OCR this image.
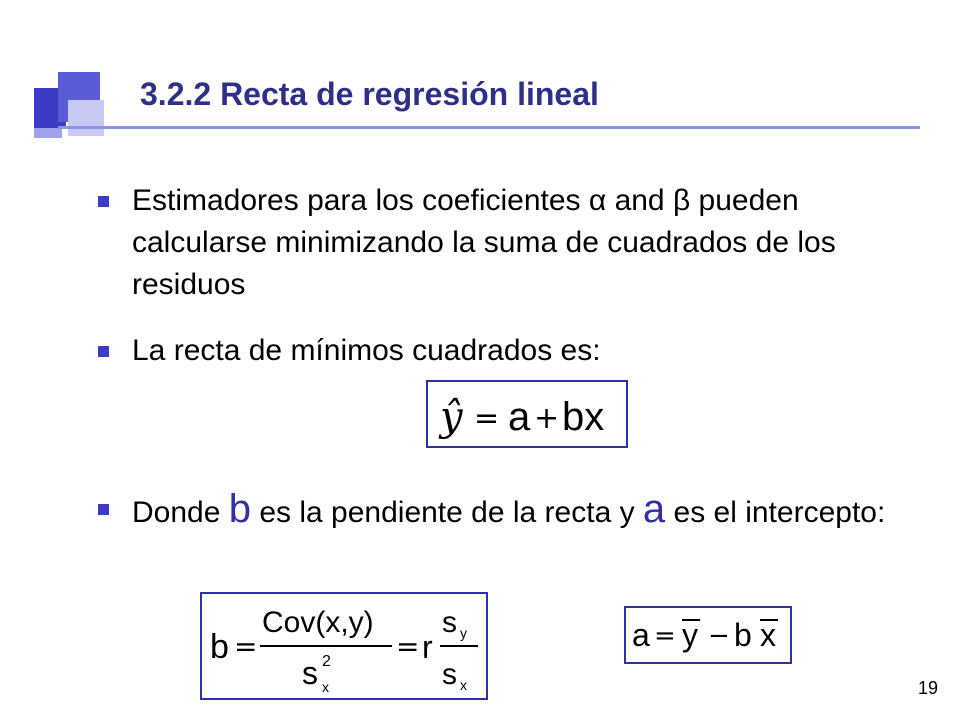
3.2.2 Recta de regresión lineal
Estimadores para los coeficientes α and β pueden calcularse minimizando la suma de cuadrados de los residuos
La recta de mínimos cuadrados es:
Donde b es la pendiente de la recta y a es el intercepto:
ŷ = a + bx
b =
Cov(x,y)
s 2
x
= r
s y
s x
a = y − b x
19
